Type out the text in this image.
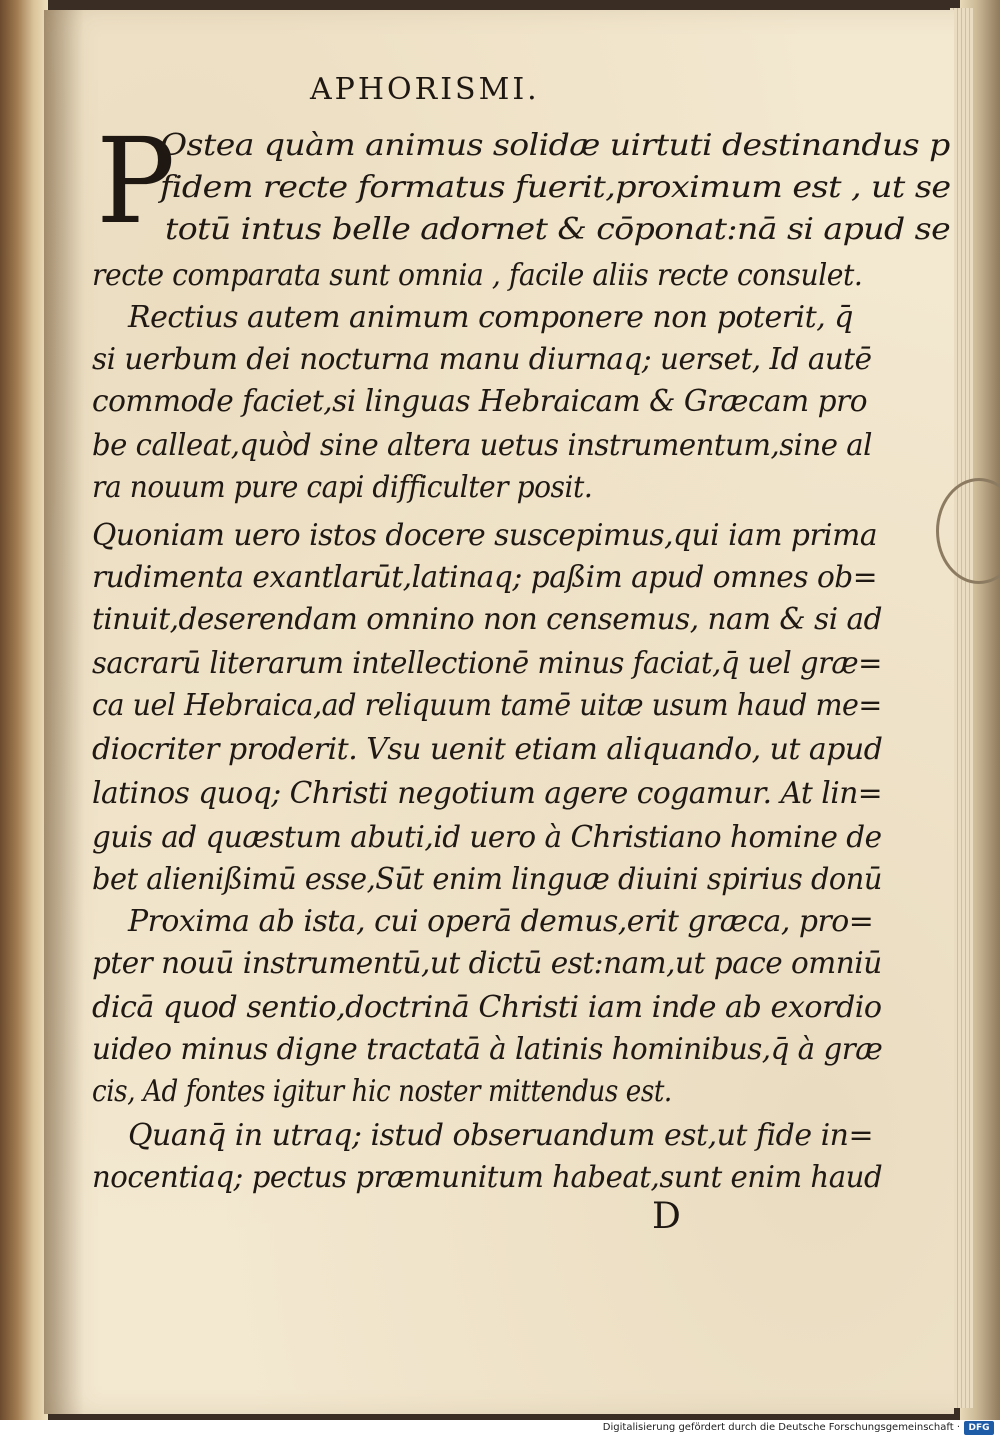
APHORISMI.
P
Ostea quàm animus solidæ uirtuti destinandus p
fidem recte formatus fuerit,proximum est , ut se
totū intus belle adornet & cōponat:nā si apud se
recte comparata sunt omnia , facile aliis recte consulet.
Rectius autem animum componere non poterit, q̄
si uerbum dei nocturna manu diurnaq; uerset, Id autē
commode faciet,si linguas Hebraicam & Græcam pro
be calleat,quòd sine altera uetus instrumentum,sine al
ra nouum pure capi difficulter posit.
Quoniam uero istos docere suscepimus,qui iam prima
rudimenta exantlarūt,latinaq; paßim apud omnes ob=
tinuit,deserendam omnino non censemus, nam & si ad
sacrarū literarum intellectionē minus faciat,q̄ uel græ=
ca uel Hebraica,ad reliquum tamē uitæ usum haud me=
diocriter proderit. Vsu uenit etiam aliquando, ut apud
latinos quoq; Christi negotium agere cogamur. At lin=
guis ad quæstum abuti,id uero à Christiano homine de
bet alienißimū esse,Sūt enim linguæ diuini spirius donū
Proxima ab ista, cui operā demus,erit græca, pro=
pter nouū instrumentū,ut dictū est:nam,ut pace omniū
dicā quod sentio,doctrinā Christi iam inde ab exordio
uideo minus digne tractatā à latinis hominibus,q̄ à græ
cis, Ad fontes igitur hic noster mittendus est.
Quanq̄ in utraq; istud obseruandum est,ut fide in=
nocentiaq; pectus præmunitum habeat,sunt enim haud
D
Digitalisierung gefördert durch die Deutsche Forschungsgemeinschaft · DFG
